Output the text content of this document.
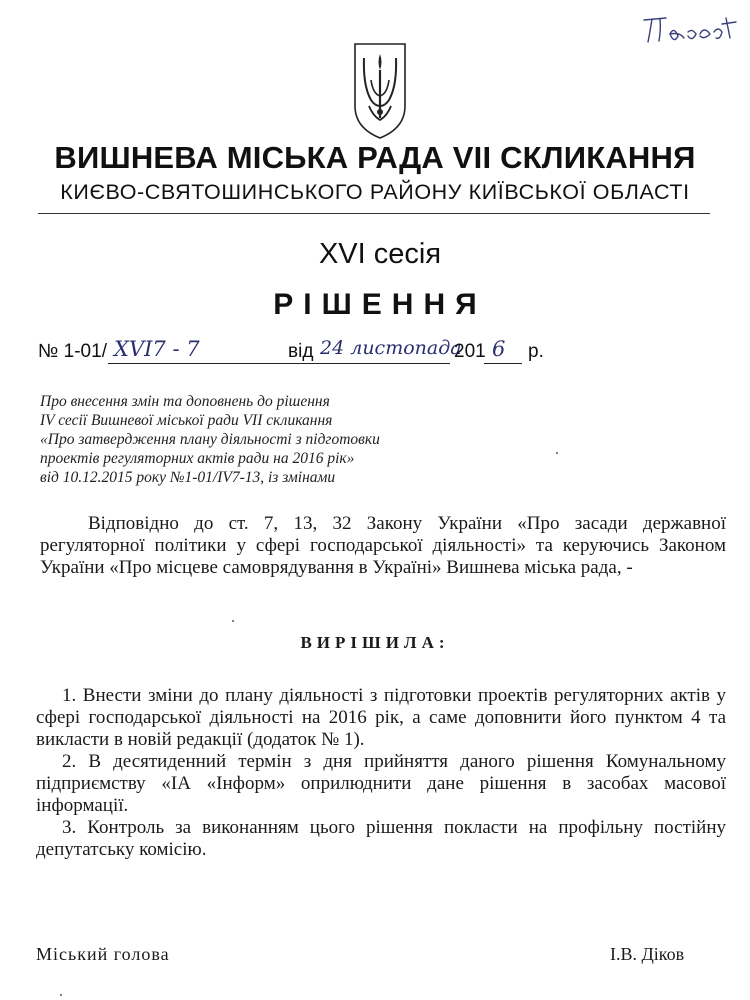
ВИШНЕВА МІСЬКА РАДА VII СКЛИКАННЯ
КИЄВО-СВЯТОШИНСЬКОГО РАЙОНУ КИЇВСЬКОЇ ОБЛАСТІ
XVI сесія
РІШЕННЯ
№ 1-01/ XVI7 - 7	від 24 листопада
201 6 р.
Про внесення змін та доповнень до рішення
IV сесії Вишневої міської ради VII скликання
«Про затвердження плану діяльності з підготовки
проектів регуляторних актів ради на 2016 рік»
від 10.12.2015 року №1-01/IV7-13, із змінами
Відповідно до ст. 7, 13, 32 Закону України «Про засади державної регуляторної політики у сфері господарської діяльності» та керуючись Законом України «Про місцеве самоврядування в Україні» Вишнева міська рада, -
ВИРІШИЛА:

1. Внести зміни до плану діяльності з підготовки проектів регуляторних актів у сфері господарської діяльності на 2016 рік, а саме доповнити його пунктом 4 та викласти в новій редакції (додаток № 1).

2. В десятиденний термін з дня прийняття даного рішення Комунальному підприємству «ІА «Інформ» оприлюднити дане рішення в засобах масової інформації.

3. Контроль за виконанням цього рішення покласти на профільну постійну депутатську комісію.

Міський голова	І.В. Діков
